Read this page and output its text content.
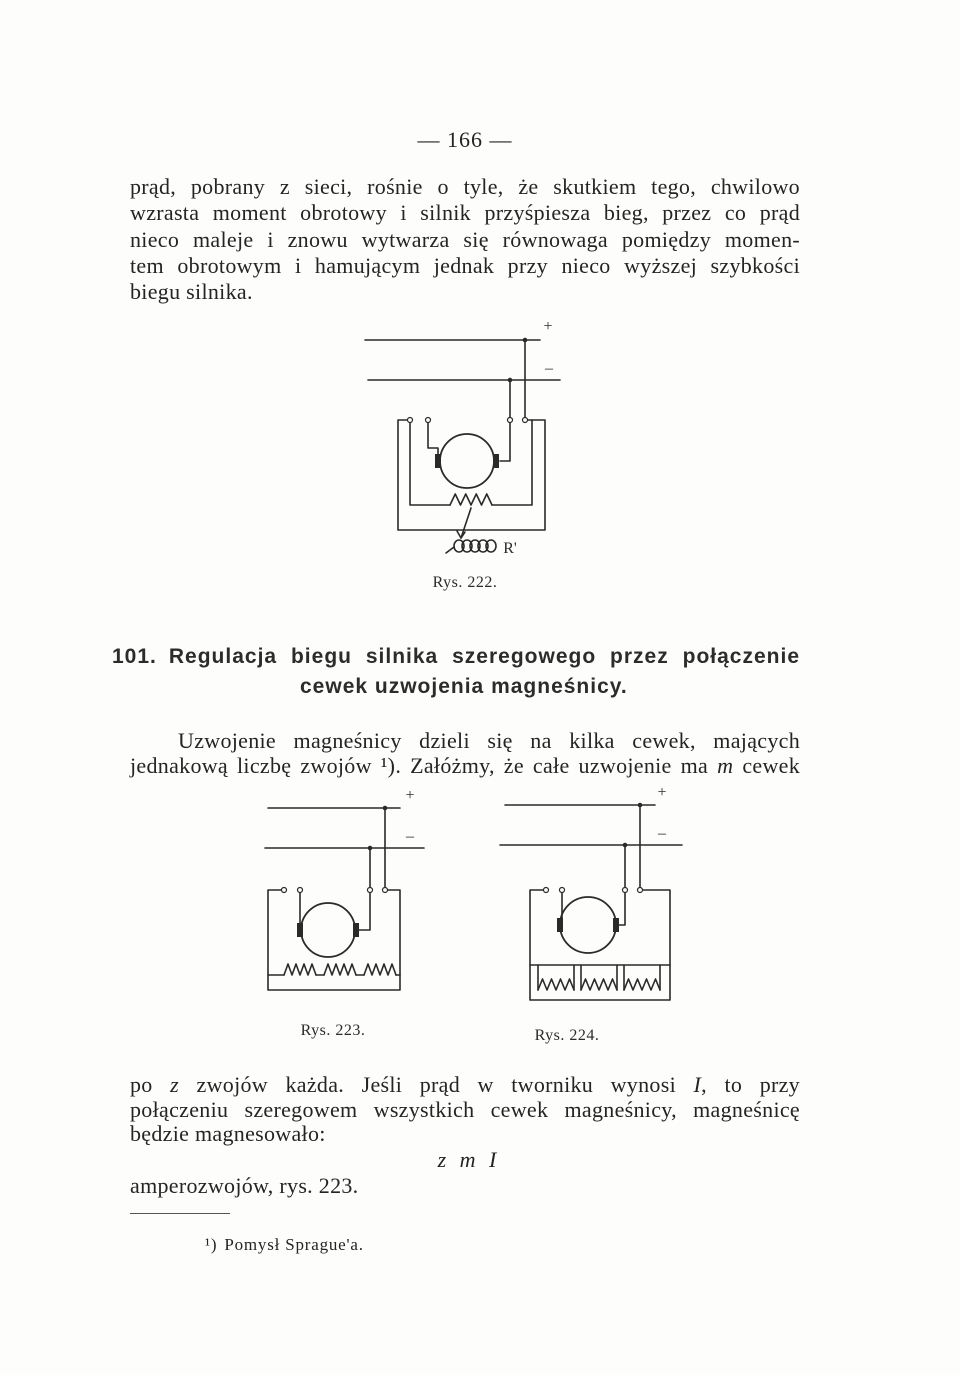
+
–
R'
Rys. 222.
+
–
Rys. 223.
+
–
Rys. 224.
— 166 —
prąd, pobrany z sieci, rośnie o tyle, że skutkiem tego, chwilowo
wzrasta moment obrotowy i silnik przyśpiesza bieg, przez co prąd
nieco maleje i znowu wytwarza się równowaga pomiędzy momen-
tem obrotowym i hamującym jednak przy nieco wyższej szybkości
biegu silnika.
101. Regulacja biegu silnika szeregowego przez połączenie
cewek uzwojenia magneśnicy.
Uzwojenie magneśnicy dzieli się na kilka cewek, mających
jednakową liczbę zwojów ¹). Załóżmy, że całe uzwojenie ma m cewek
po z zwojów każda. Jeśli prąd w tworniku wynosi I, to przy
połączeniu szeregowem wszystkich cewek magneśnicy, magneśnicę
będzie magnesowało:
z m I
amperozwojów, rys. 223.
¹) Pomysł Sprague'a.
